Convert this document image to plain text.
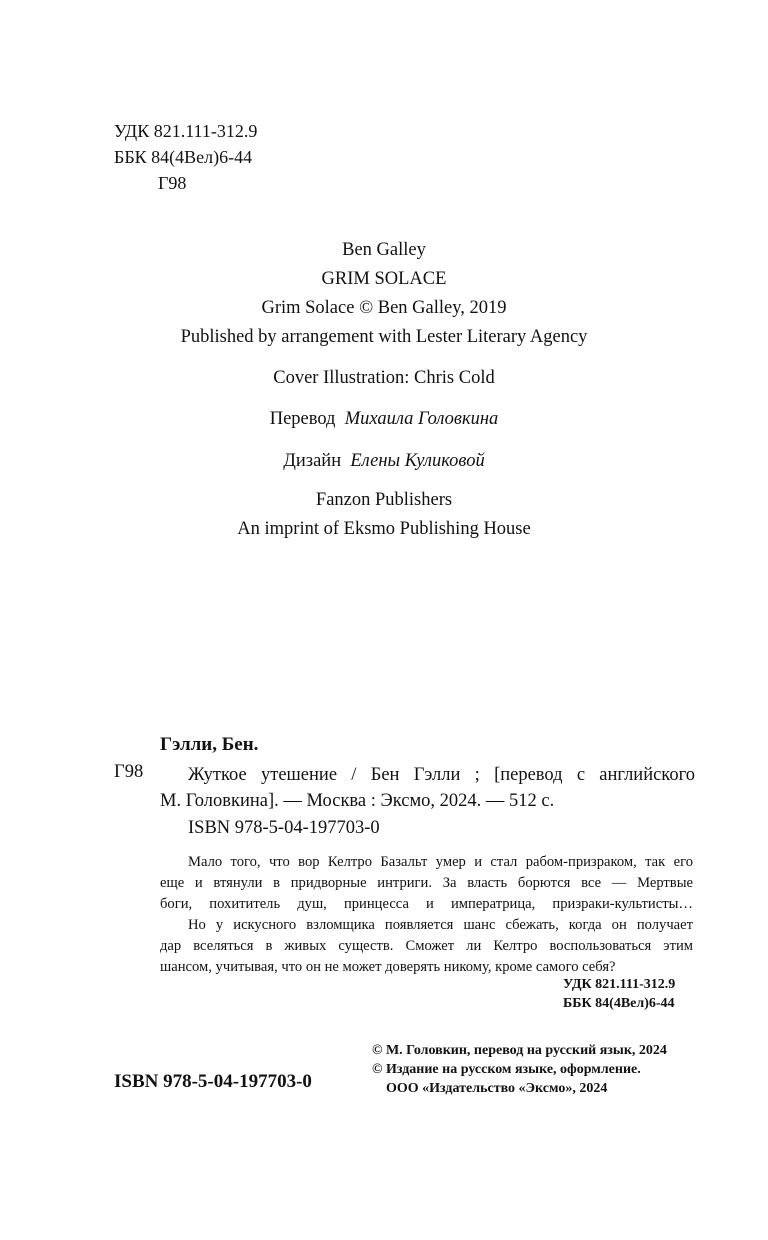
УДК 821.111-312.9
ББК 84(4Вел)6-44
Г98
Ben Galley
GRIM SOLACE
Grim Solace © Ben Galley, 2019
Published by arrangement with Lester Literary Agency
Cover Illustration: Chris Cold
Перевод Михаила Головкина
Дизайн Елены Куликовой
Fanzon Publishers
An imprint of Eksmo Publishing House
Гэлли, Бен.
Г98	Жуткое утешение / Бен Гэлли ; [перевод с английского
М. Головкина]. — Москва : Эксмо, 2024. — 512 с.
ISBN 978-5-04-197703-0
Мало того, что вор Келтро Базальт умер и стал рабом-призраком, так его
еще и втянули в придворные интриги. За власть борются все — Мертвые
боги, похититель душ, принцесса и императрица, призраки-культисты…
Но у искусного взломщика появляется шанс сбежать, когда он получает
дар вселяться в живых существ. Сможет ли Келтро воспользоваться этим
шансом, учитывая, что он не может доверять никому, кроме самого себя?
УДК 821.111-312.9
ББК 84(4Вел)6-44
© М. Головкин, перевод на русский язык, 2024
© Издание на русском языке, оформление.
ООО «Издательство «Эксмо», 2024
ISBN 978-5-04-197703-0
